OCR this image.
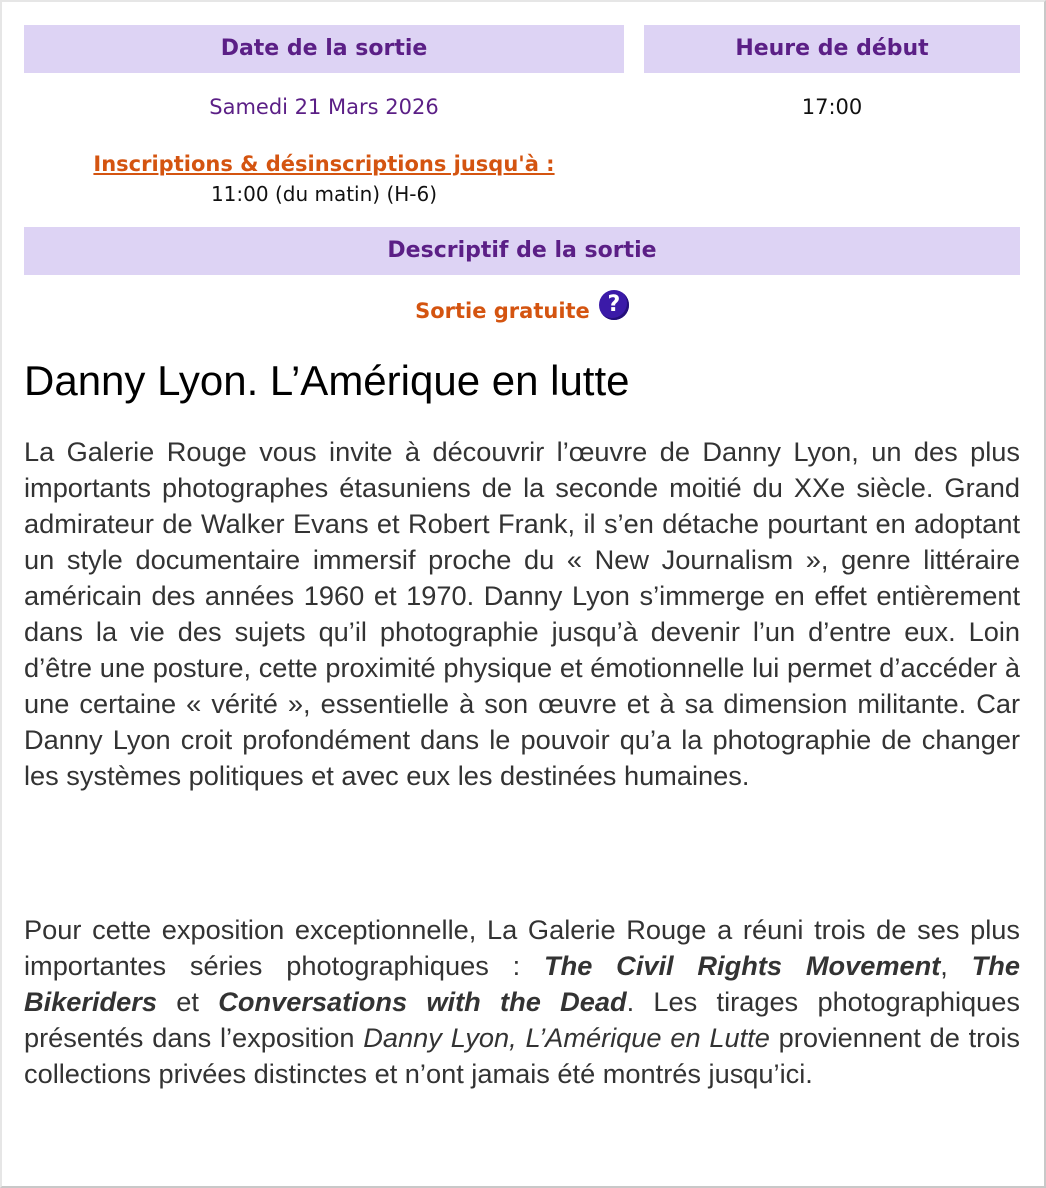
Date de la sortie	Heure de début
Samedi 21 Mars 2026	17:00
Inscriptions & désinscriptions jusqu'à :
11:00 (du matin) (H-6)
Descriptif de la sortie
Sortie gratuite ?
Danny Lyon. L’Amérique en lutte

La Galerie Rouge vous invite à découvrir l’œuvre de Danny Lyon, un des plus importants photographes étasuniens de la seconde moitié du XXe siècle. Grand admirateur de Walker Evans et Robert Frank, il s’en détache pourtant en adoptant un style documentaire immersif proche du « New Journalism », genre littéraire américain des années 1960 et 1970. Danny Lyon s’immerge en effet entièrement dans la vie des sujets qu’il photographie jusqu’à devenir l’un d’entre eux. Loin d’être une posture, cette proximité physique et émotionnelle lui permet d’accéder à une certaine « vérité », essentielle à son œuvre et à sa dimension militante. Car Danny Lyon croit profondément dans le pouvoir qu’a la photographie de changer les systèmes politiques et avec eux les destinées humaines.

Pour cette exposition exceptionnelle, La Galerie Rouge a réuni trois de ses plus importantes séries photographiques : The Civil Rights Movement, The Bikeriders et Conversations with the Dead. Les tirages photographiques présentés dans l’exposition Danny Lyon, L’Amérique en Lutte proviennent de trois collections privées distinctes et n’ont jamais été montrés jusqu’ici.
